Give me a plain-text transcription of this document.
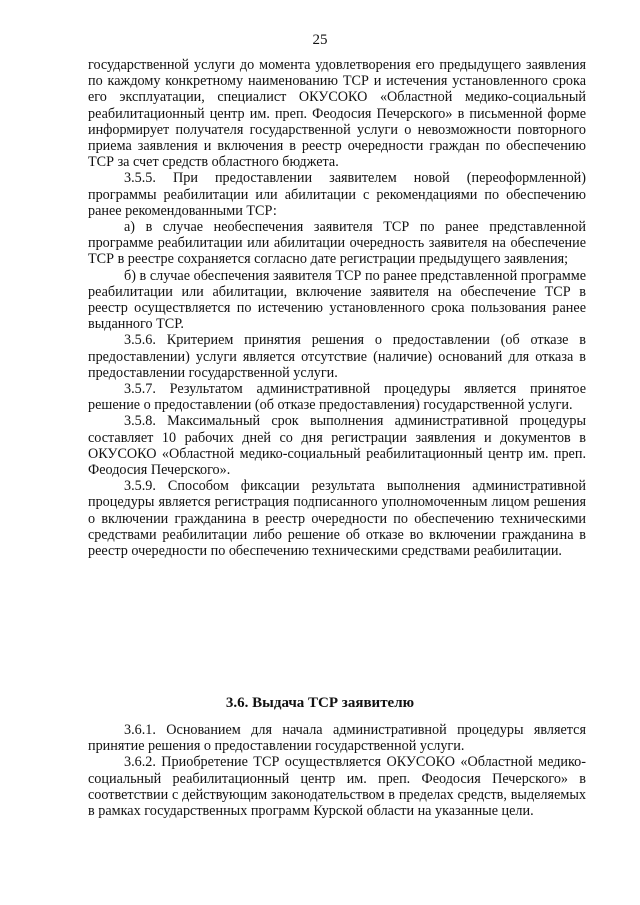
25

государственной услуги до момента удовлетворения его предыдущего заявления по каждому конкретному наименованию ТСР и истечения установленного срока его эксплуатации, специалист ОКУСОКО «Областной медико-социальный реабилитационный центр им. преп. Феодосия Печерского» в письменной форме информирует получателя государственной услуги о невозможности повторного приема заявления и включения в реестр очередности граждан по обеспечению ТСР за счет средств областного бюджета.

3.5.5. При предоставлении заявителем новой (переоформленной) программы реабилитации или абилитации с рекомендациями по обеспечению ранее рекомендованными ТСР:

а) в случае необеспечения заявителя ТСР по ранее представленной программе реабилитации или абилитации очередность заявителя на обеспечение ТСР в реестре сохраняется согласно дате регистрации предыдущего заявления;

б) в случае обеспечения заявителя ТСР по ранее представленной программе реабилитации или абилитации, включение заявителя на обеспечение ТСР в реестр осуществляется по истечению установленного срока пользования ранее выданного ТСР.

3.5.6. Критерием принятия решения о предоставлении (об отказе в предоставлении) услуги является отсутствие (наличие) оснований для отказа в предоставлении государственной услуги.

3.5.7. Результатом административной процедуры является принятое решение о предоставлении (об отказе предоставления) государственной услуги.

3.5.8. Максимальный срок выполнения административной процедуры составляет 10 рабочих дней со дня регистрации заявления и документов в ОКУСОКО «Областной медико-социальный реабилитационный центр им. преп. Феодосия Печерского».

3.5.9. Способом фиксации результата выполнения административной процедуры является регистрация подписанного уполномоченным лицом решения о включении гражданина в реестр очередности по обеспечению техническими средствами реабилитации либо решение об отказе во включении гражданина в реестр очередности по обеспечению техническими средствами реабилитации.

3.6. Выдача ТСР заявителю

3.6.1. Основанием для начала административной процедуры является принятие решения о предоставлении государственной услуги.

3.6.2. Приобретение ТСР осуществляется ОКУСОКО «Областной медико-социальный реабилитационный центр им. преп. Феодосия Печерского» в соответствии с действующим законодательством в пределах средств, выделяемых в рамках государственных программ Курской области на указанные цели.
